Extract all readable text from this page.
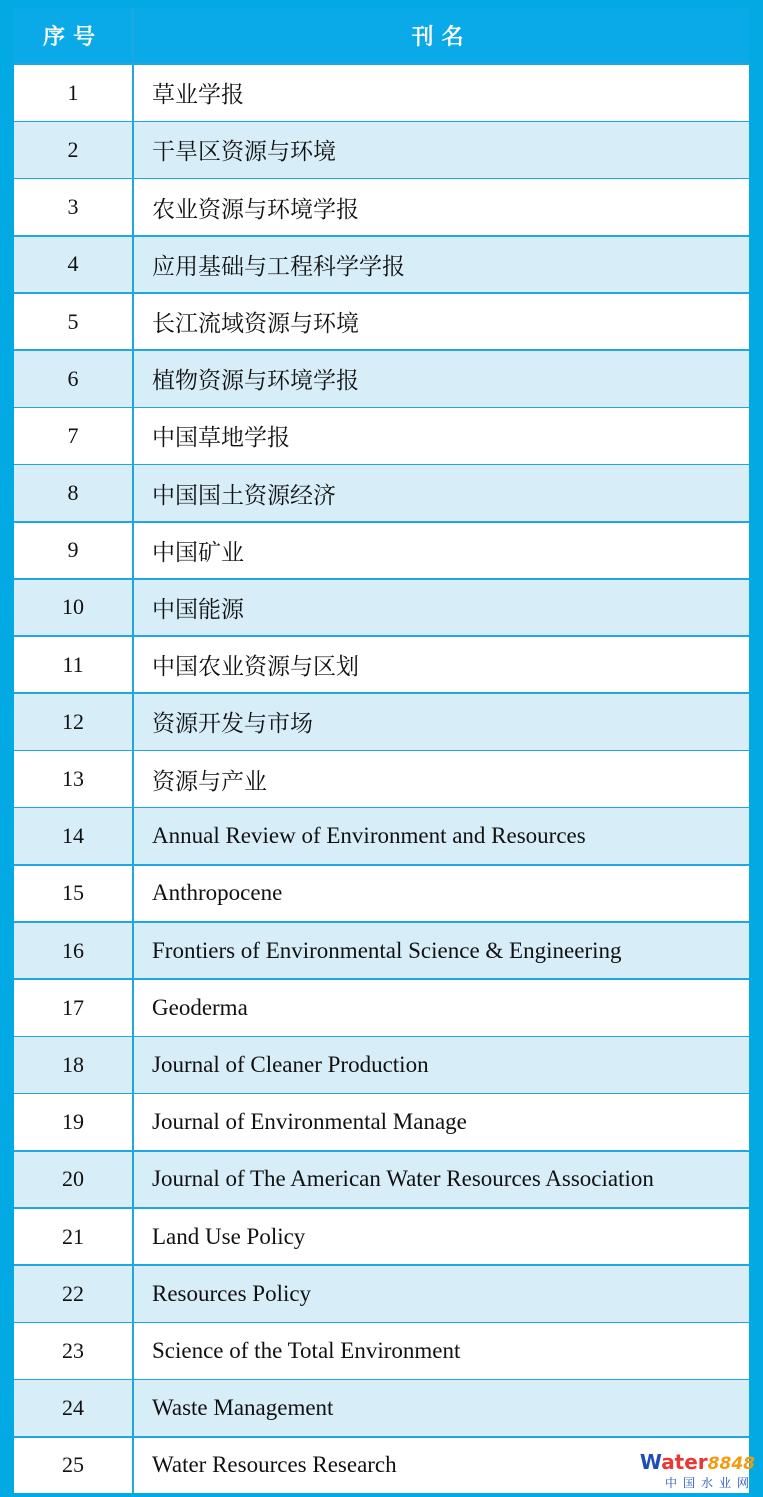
序号	刊名
1	草业学报
2	干旱区资源与环境
3	农业资源与环境学报
4	应用基础与工程科学学报
5	长江流域资源与环境
6	植物资源与环境学报
7	中国草地学报
8	中国国土资源经济
9	中国矿业
10	中国能源
11	中国农业资源与区划
12	资源开发与市场
13	资源与产业
14	Annual Review of Environment and Resources
15	Anthropocene
16	Frontiers of Environmental Science & Engineering
17	Geoderma
18	Journal of Cleaner Production
19	Journal of Environmental Manage
20	Journal of The American Water Resources Association
21	Land Use Policy
22	Resources Policy
23	Science of the Total Environment
24	Waste Management
25	Water Resources Research	Water8848
中国水业网
